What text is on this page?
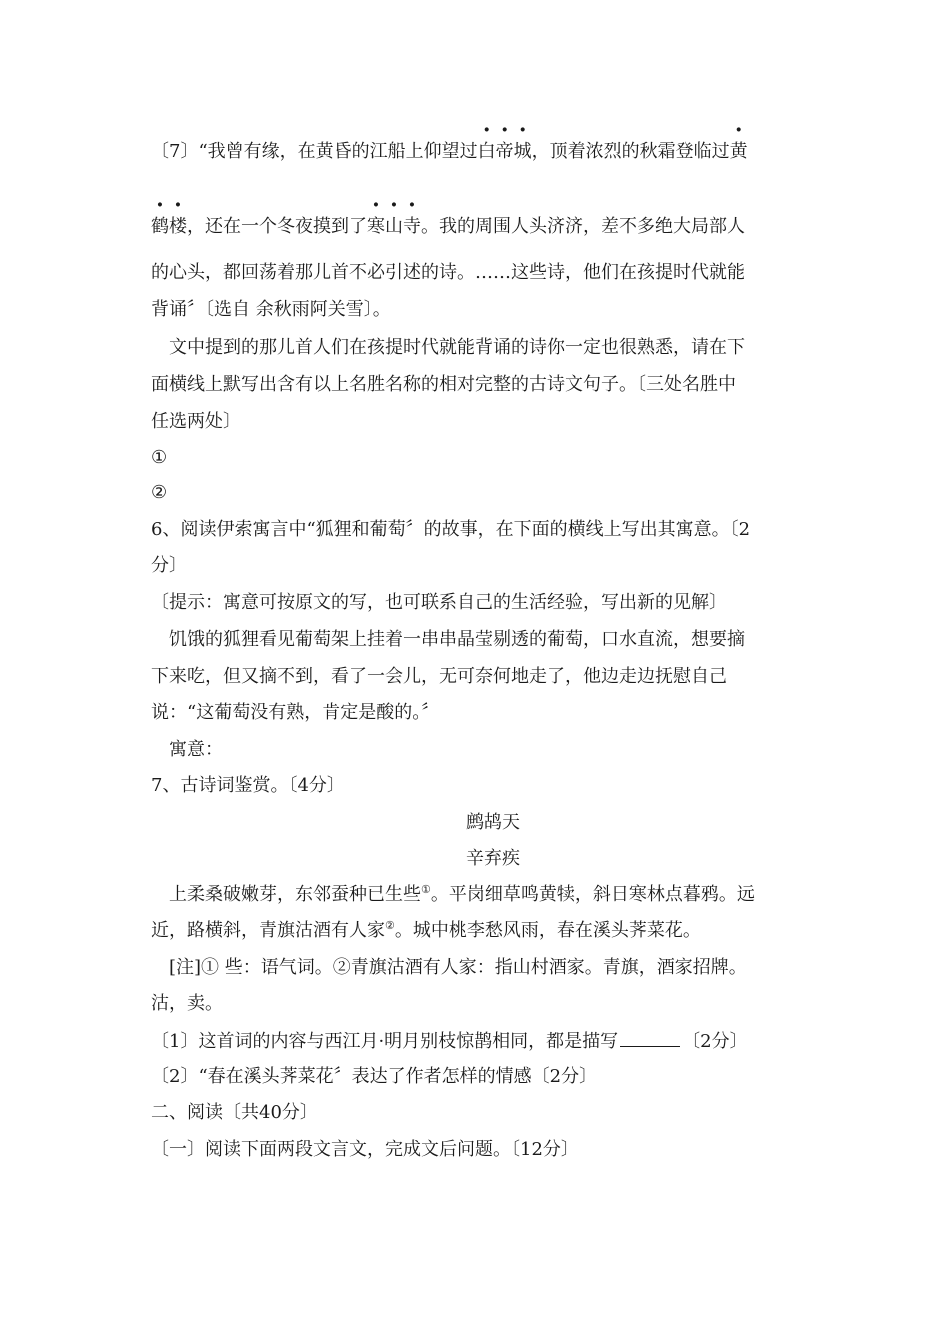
〔7〕“我曾有缘，在黄昏的江船上仰望过白帝城，顶着浓烈的秋霜登临过黄
鹤楼，还在一个冬夜摸到了寒山寺。我的周围人头济济，差不多绝大局部人
的心头，都回荡着那儿首不必引述的诗。……这些诗，他们在孩提时代就能
背诵〞〔选自 余秋雨阿关雪〕。
文中提到的那儿首人们在孩提时代就能背诵的诗你一定也很熟悉，请在下
面横线上默写出含有以上名胜名称的相对完整的古诗文句子。〔三处名胜中
任选两处〕
①
②
6、阅读伊索寓言中“狐狸和葡萄〞的故事，在下面的横线上写出其寓意。〔2
分〕
〔提示：寓意可按原文的写，也可联系自己的生活经验，写出新的见解〕
饥饿的狐狸看见葡萄架上挂着一串串晶莹剔透的葡萄，口水直流，想要摘
下来吃，但又摘不到，看了一会儿，无可奈何地走了，他边走边抚慰自己
说：“这葡萄没有熟，肯定是酸的。〞
寓意：
7、古诗词鉴赏。〔4分〕
鹧鸪天
辛弃疾
上柔桑破嫩芽，东邻蚕种已生些①。平岗细草鸣黄犊，斜日寒林点暮鸦。远
近，路横斜，青旗沽酒有人家②。城中桃李愁风雨，春在溪头荠菜花。
[注]① 些：语气词。②青旗沽酒有人家：指山村酒家。青旗，酒家招牌。
沽，卖。
〔1〕这首词的内容与西江月·明月别枝惊鹊相同，都是描写	〔2分〕
〔2〕“春在溪头荠菜花〞表达了作者怎样的情感〔2分〕
二、阅读〔共40分〕
〔一〕阅读下面两段文言文，完成文后问题。〔12分〕
